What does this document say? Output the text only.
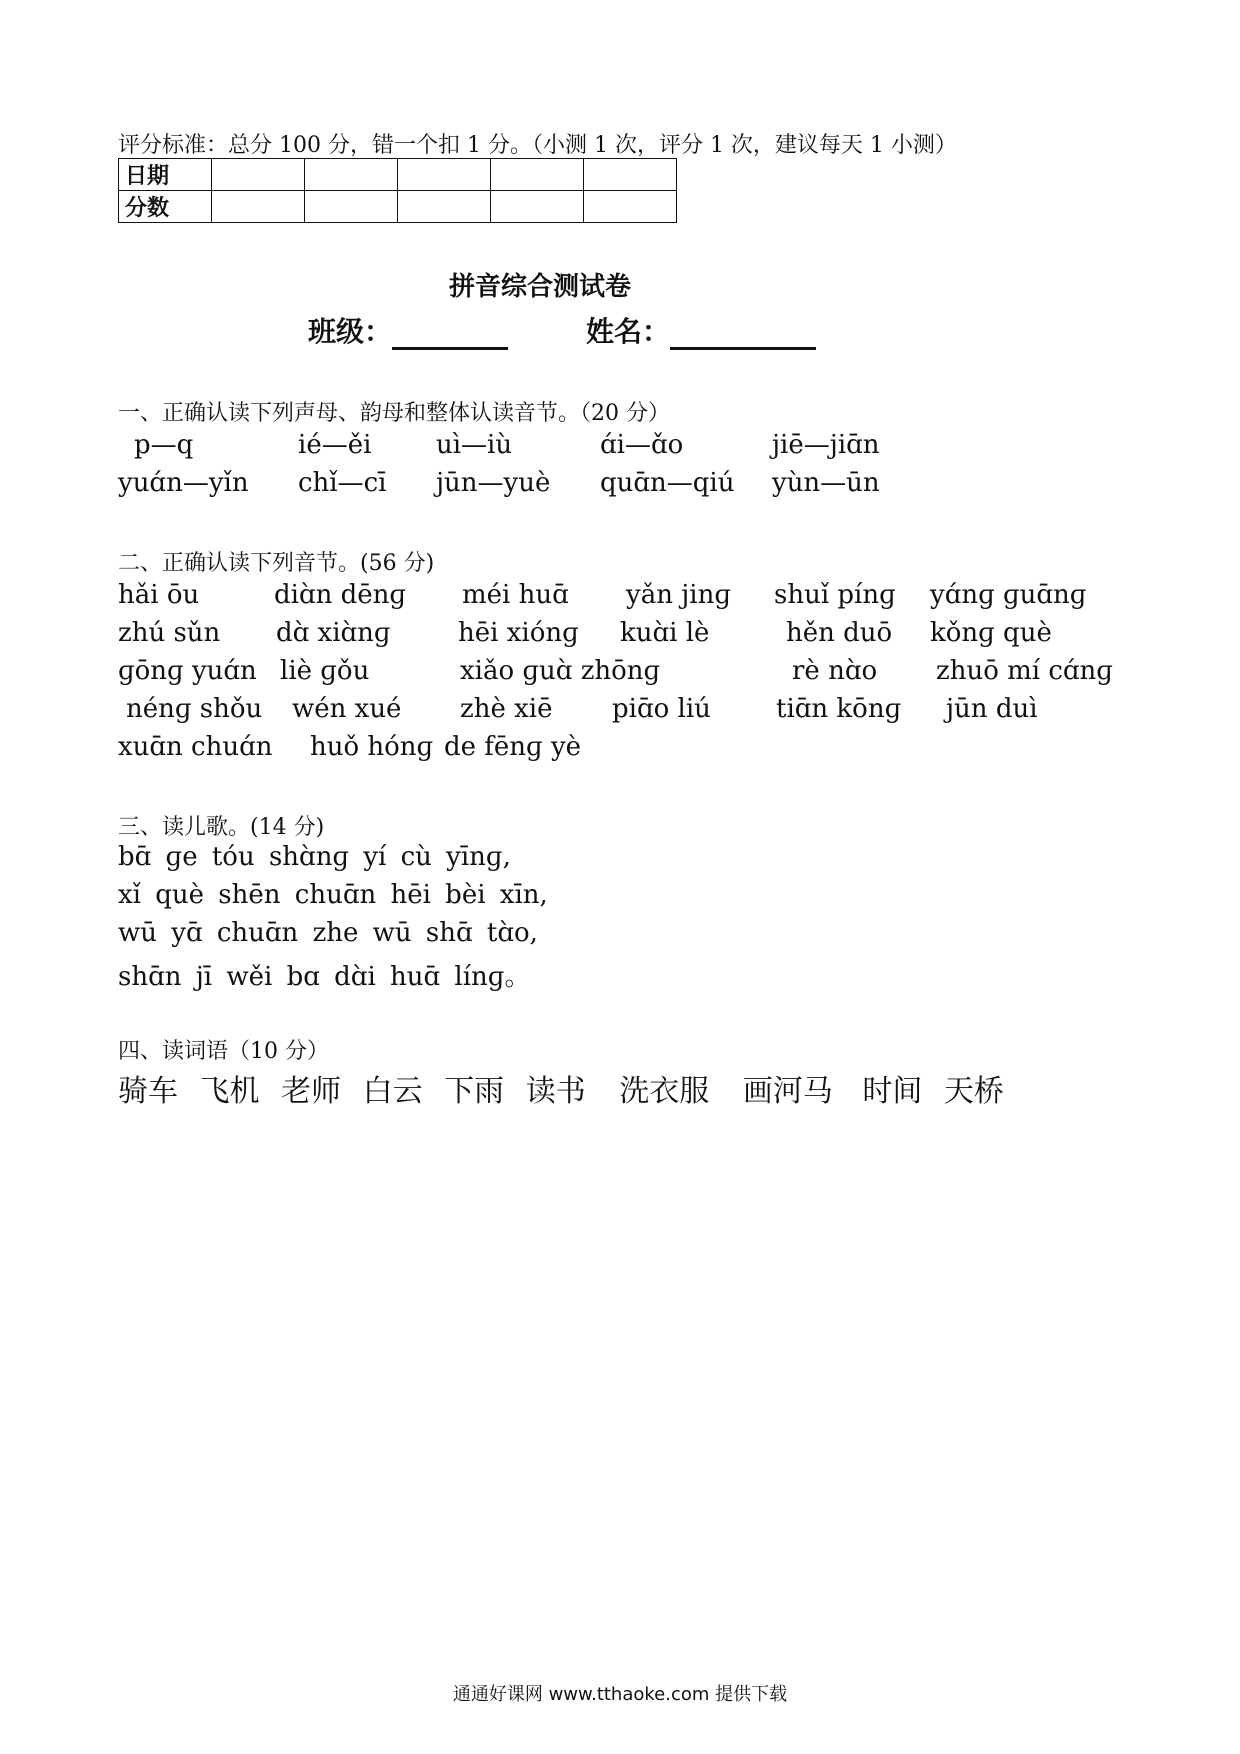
评分标准：总分 100 分，错一个扣 1 分。（小测 1 次，评分 1 次，建议每天 1 小测）
日期					
分数					
拼音综合测试卷
班级：	姓名：
一、正确认读下列声母、韵母和整体认读音节。（20 分）
p—q	ié—ěi uì—iù	ɑ́i—ɑ̌o	jiē—jiɑ̄n
yuɑ́n—yǐn chǐ—cī jūn—yuè quɑ̄n—qiú yùn—ūn
二、正确认读下列音节。(56 分)
hǎi ōu	diɑ̀n dēnɡ méi huɑ̄ yǎn jinɡ shuǐ pínɡ yɑ́nɡ ɡuɑ̄nɡ
zhú sǔn dɑ̀ xiɑ̀nɡ	hēi xiónɡ kuɑ̀i lè	hěn duō kǒnɡ què
ɡōnɡ yuɑ́n liè ɡǒu	xiǎo ɡuɑ̀ zhōnɡ	rè nɑ̀o zhuō mí cɑ́nɡ
nénɡ shǒu wén xué zhè xiē piɑ̄o liú	tiɑ̄n kōnɡ jūn duì
xuɑ̄n chuɑ́n huǒ hónɡ de fēnɡ yè
三、读儿歌。(14 分)
bɑ̄ ɡe tóu shɑ̀nɡ yí cù yīnɡ,
xǐ què shēn chuɑ̄n hēi bèi xīn,
wū yɑ̄ chuɑ̄n zhe wū shɑ̄ tɑ̀o,
shɑ̄n jī wěi bɑ dɑ̀i huɑ̄ línɡ。
四、读词语（10 分）
骑车 飞机 老师 白云 下雨 读书 洗衣服 画河马 时间 天桥
通通好课网 www.tthaoke.com 提供下载
